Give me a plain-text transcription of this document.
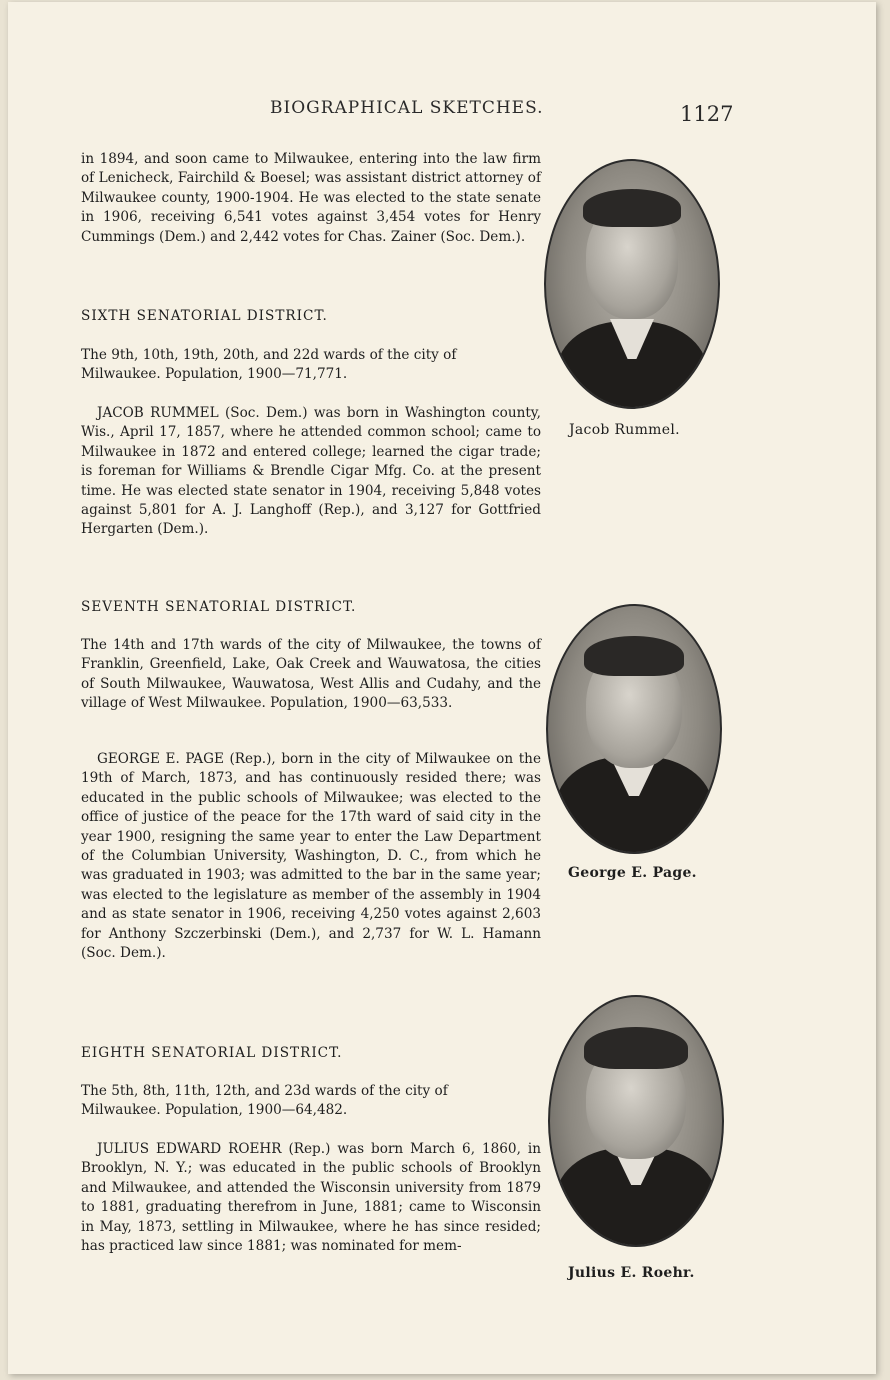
BIOGRAPHICAL SKETCHES.	1127

in 1894, and soon came to Milwaukee, entering into the law firm of Lenicheck, Fairchild & Boesel; was assistant district attorney of Milwaukee county, 1900-1904. He was elected to the state senate in 1906, receiving 6,541 votes against 3,454 votes for Henry Cummings (Dem.) and 2,442 votes for Chas. Zainer (Soc. Dem.).

SIXTH SENATORIAL DISTRICT.

The 9th, 10th, 19th, 20th, and 22d wards of the city of
Milwaukee. Population, 1900—71,771.

JACOB RUMMEL (Soc. Dem.) was born in Washington county, Wis., April 17, 1857, where he attended common school; came to Milwaukee in 1872 and entered college; learned the cigar trade; is foreman for Williams & Brendle Cigar Mfg. Co. at the present time. He was elected state senator in 1904, receiving 5,848 votes against 5,801 for A. J. Langhoff (Rep.), and 3,127 for Gottfried Hergarten (Dem.).

SEVENTH SENATORIAL DISTRICT.

The 14th and 17th wards of the city of Milwaukee, the towns of Franklin, Greenfield, Lake, Oak Creek and Wauwatosa, the cities of South Milwaukee, Wauwatosa, West Allis and Cudahy, and the village of West Milwaukee. Population, 1900—63,533.

GEORGE E. PAGE (Rep.), born in the city of Milwaukee on the 19th of March, 1873, and has continuously resided there; was educated in the public schools of Milwaukee; was elected to the office of justice of the peace for the 17th ward of said city in the year 1900, resigning the same year to enter the Law Department of the Columbian University, Washington, D. C., from which he was graduated in 1903; was admitted to the bar in the same year; was elected to the legislature as member of the assembly in 1904 and as state senator in 1906, receiving 4,250 votes against 2,603 for Anthony Szczerbinski (Dem.), and 2,737 for W. L. Hamann (Soc. Dem.).

EIGHTH SENATORIAL DISTRICT.

The 5th, 8th, 11th, 12th, and 23d wards of the city of
Milwaukee. Population, 1900—64,482.

JULIUS EDWARD ROEHR (Rep.) was born March 6, 1860, in Brooklyn, N. Y.; was educated in the public schools of Brooklyn and Milwaukee, and attended the Wisconsin university from 1879 to 1881, graduating therefrom in June, 1881; came to Wisconsin in May, 1873, settling in Milwaukee, where he has since resided; has practiced law since 1881; was nominated for mem-

Jacob Rummel.
George E. Page.
Julius E. Roehr.
